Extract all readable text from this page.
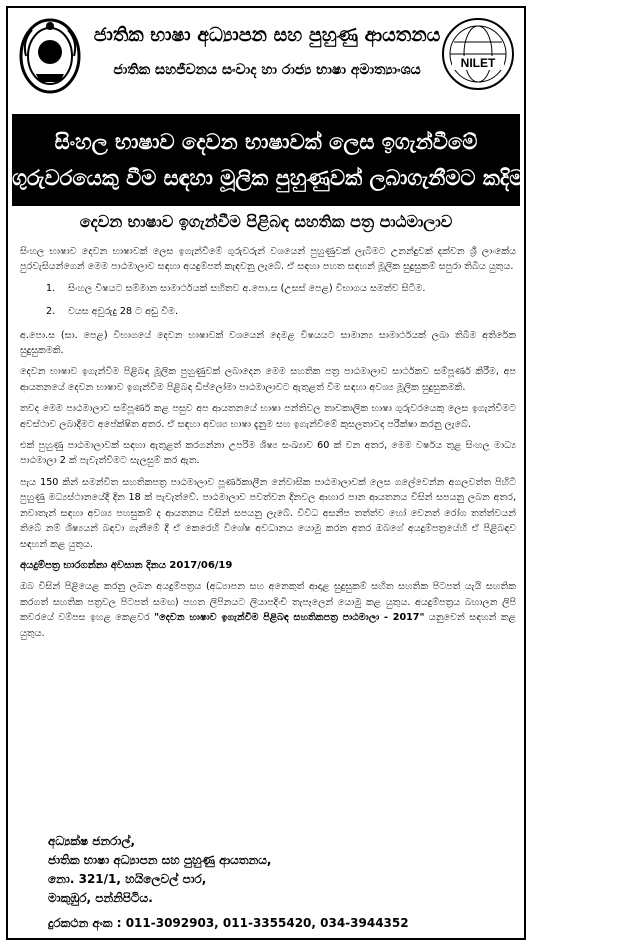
ජාතික භාෂා අධ්‍යාපන සහ පුහුණු ආයතනය
ජාතික සහජීවනය සංවාද හා රාජ්‍ය භාෂා අමාත්‍යාංශය	NILET
සිංහල භාෂාව දෙවන භාෂාවක් ලෙස ඉගැන්වීමේ
ගුරුවරයෙකු වීම සඳහා මූලික පුහුණුවක් ලබාගැනීමට කදිම අවස්ථාවක්
දෙවන භාෂාව ඉගැන්වීම පිළිබඳ සහතික පත්‍ර පාඨමාලාව
සිංහල භාෂාව දෙවන භාෂාවක් ලෙස ඉගැන්වීමේ ගුරුවරුන් වශයෙන් පුහුණුවක් ලැබීමට උනන්දුවක් දක්වන ශ්‍රී ලාංකේය පුරවැසියන්ගෙන් මෙම පාඨමාලාව සඳහා අයදුම්පත් කැඳවනු ලැබේ. ඒ සඳහා පහත සඳහන් මූලික සුදුසුකම් සපුරා තිබිය යුතුය.
1.	සිංහල විෂයට සම්මාන සාමාර්ථයක් සහිතව අ.පො.ස (උසස් පෙළ) විභාගය සමත්ව සිටීම.
2.	වයස අවුරුදු 28 ට අඩු වීම.
අ.පො.ස (සා. පෙළ) විභාගයේ දෙවන භාෂාවක් වශයෙන් දෙමළ විෂයයට සාමාන්‍ය සාමාර්ථයක් ලබා තිබීම අතිරේක සුදුසුකමකි.
දෙවන භාෂාව ඉගැන්වීම පිළිබඳ මූලික පුහුණුවක් ලබාදෙන මෙම සහතික පත්‍ර පාඨමාලාව සාර්ථකව සම්පූර්ණ කිරීම, අප ආයතනයේ දෙවන භාෂාව ඉගැන්වීම පිළිබඳ ඩිප්ලෝමා පාඨමාලාවට ඇතුළත් වීම සඳහා අවශ්‍ය මූලික සුදුසුකමකි.
තවද මෙම පාඨමාලාව සම්පූර්ණ කළ පසුව අප ආයතනයේ භාෂා පන්තිවල තාවකාලික භාෂා ගුරුවරයෙකු ලෙස ඉගැන්වීමට අවස්ථාව ලබාදීමට අපේක්ෂිත අතර. ඒ සඳහා අවශ්‍ය භාෂා දැනුම සහ ඉගැන්වීමේ කුසලතාවද පරීක්ෂා කරනු ලැබේ.
එක් පුහුණු පාඨමාලාවක් සඳහා ඇතුළත් කරගන්නා උපරිම ශිෂ්‍ය සංඛ්‍යාව 60 ක් වන අතර, මෙම වර්ෂය තුළ සිංහල මාධ්‍ය පාඨමාලා 2 ක් පැවැත්වීමට සැලසුම් කර ඇත.
පැය 150 කින් සමන්විත සහතිකපත්‍ර පාඨමාලාව පූර්ණකාලීන නේවාසික පාඨමාලාවක් ලෙස ගලේවෙන්න අගලවත්ත පිහිටි පුහුණු මධ්‍යස්ථානයේදී දින 18 ක් පැවැත්වේ. පාඨමාලාව පවත්වන දිනවල ආහාර පාන ආයතනය විසින් සපයනු ලබන අතර, නවාතැන් සඳහා අවශ්‍ය පහසුකම් ද ආයතනය විසින් සපයනු ලැබේ. විවිධ අසනීප තත්ත්ව හෝ වෙනත් රෝග තත්ත්වයන් තිබේ නම් ශිෂ්‍යයන් බඳවා ගැනීමේ දී ඒ කෙරෙහි විශේෂ අවධානය යොමු කරන අතර ඔබගේ අයදුම්පත්‍රයේහි ඒ පිළිබඳව සඳහන් කළ යුතුය.
අයදුම්පත්‍ර භාරගන්නා අවසාන දිනය 2017/06/19
ඔබ විසින් පිළියෙළ කරනු ලබන අයදුම්පත්‍රය (අධ්‍යාපන සහ අනෙකුත් ආදාළ සුදුසුකම් සහිත සහතික පිටපත් යැයි සහතික කරගත් සහතික පත්‍රවල පිටපත් සමඟ) පහත ලිපිනයට ලියාපදිංචි තැපෑලෙන් යොමු කළ යුතුය. අයදුම්පත්‍රය බහාලන ලිපි කවරයේ වම්පස ඉහළ කෙළවර "දෙවන භාෂාව ඉගැන්වීම පිළිබඳ සහතිකපත්‍ර පාඨමාලා - 2017" යනුවෙන් සඳහන් කළ යුතුය.
අධ්‍යක්ෂ ජනරාල්,
ජාතික භාෂා අධ්‍යාපන සහ පුහුණු ආයතනය,
නො. 321/1, හයිලෙවල් පාර,
මාකුඹුර, පන්නිපිටිය.
දුරකථන අංක : 011-3092903, 011-3355420, 034-3944352
